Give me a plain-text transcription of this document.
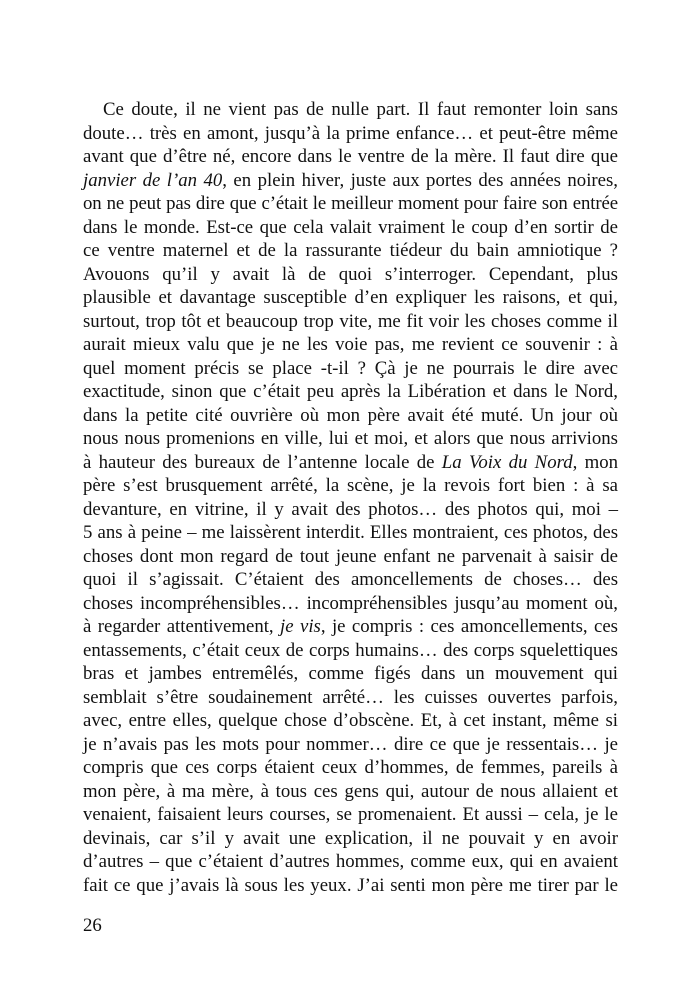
Ce doute, il ne vient pas de nulle part. Il faut remonter loin sans
doute… très en amont, jusqu’à la prime enfance… et peut-être même
avant que d’être né, encore dans le ventre de la mère. Il faut dire que
janvier de l’an 40, en plein hiver, juste aux portes des années noires,
on ne peut pas dire que c’était le meilleur moment pour faire son entrée
dans le monde. Est-ce que cela valait vraiment le coup d’en sortir de
ce ventre maternel et de la rassurante tiédeur du bain amniotique ?
Avouons qu’il y avait là de quoi s’interroger. Cependant, plus
plausible et davantage susceptible d’en expliquer les raisons, et qui,
surtout, trop tôt et beaucoup trop vite, me fit voir les choses comme il
aurait mieux valu que je ne les voie pas, me revient ce souvenir : à
quel moment précis se place -t-il ? Çà je ne pourrais le dire avec
exactitude, sinon que c’était peu après la Libération et dans le Nord,
dans la petite cité ouvrière où mon père avait été muté. Un jour où
nous nous promenions en ville, lui et moi, et alors que nous arrivions
à hauteur des bureaux de l’antenne locale de La Voix du Nord, mon
père s’est brusquement arrêté, la scène, je la revois fort bien : à sa
devanture, en vitrine, il y avait des photos… des photos qui, moi –
5 ans à peine – me laissèrent interdit. Elles montraient, ces photos, des
choses dont mon regard de tout jeune enfant ne parvenait à saisir de
quoi il s’agissait. C’étaient des amoncellements de choses… des
choses incompréhensibles… incompréhensibles jusqu’au moment où,
à regarder attentivement, je vis, je compris : ces amoncellements, ces
entassements, c’était ceux de corps humains… des corps squelettiques
bras et jambes entremêlés, comme figés dans un mouvement qui
semblait s’être soudainement arrêté… les cuisses ouvertes parfois,
avec, entre elles, quelque chose d’obscène. Et, à cet instant, même si
je n’avais pas les mots pour nommer… dire ce que je ressentais… je
compris que ces corps étaient ceux d’hommes, de femmes, pareils à
mon père, à ma mère, à tous ces gens qui, autour de nous allaient et
venaient, faisaient leurs courses, se promenaient. Et aussi – cela, je le
devinais, car s’il y avait une explication, il ne pouvait y en avoir
d’autres – que c’étaient d’autres hommes, comme eux, qui en avaient
fait ce que j’avais là sous les yeux. J’ai senti mon père me tirer par le
26
